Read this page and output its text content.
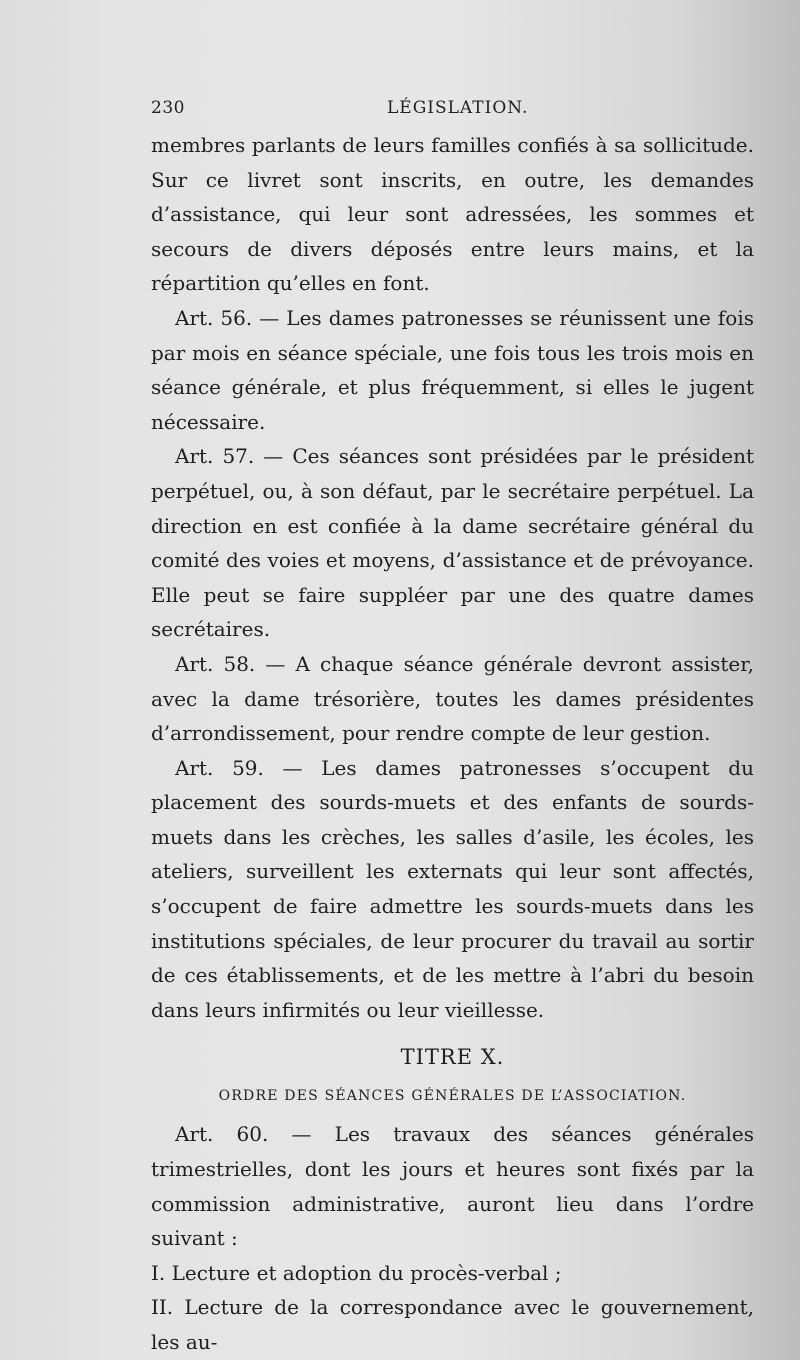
230	LÉGISLATION.

membres parlants de leurs familles confiés à sa sollicitude. Sur ce livret sont inscrits, en outre, les demandes d’assistance, qui leur sont adressées, les sommes et secours de divers déposés entre leurs mains, et la répartition qu’elles en font.

Art. 56. — Les dames patronesses se réunissent une fois par mois en séance spéciale, une fois tous les trois mois en séance générale, et plus fréquemment, si elles le jugent nécessaire.

Art. 57. — Ces séances sont présidées par le président perpétuel, ou, à son défaut, par le secrétaire perpétuel. La direction en est confiée à la dame secrétaire général du comité des voies et moyens, d’assistance et de prévoyance. Elle peut se faire suppléer par une des quatre dames secrétaires.

Art. 58. — A chaque séance générale devront assister, avec la dame trésorière, toutes les dames présidentes d’arrondissement, pour rendre compte de leur gestion.

Art. 59. — Les dames patronesses s’occupent du placement des sourds-muets et des enfants de sourds-muets dans les crèches, les salles d’asile, les écoles, les ateliers, surveillent les externats qui leur sont affectés, s’occupent de faire admettre les sourds-muets dans les institutions spéciales, de leur procurer du travail au sortir de ces établissements, et de les mettre à l’abri du besoin dans leurs infirmités ou leur vieillesse.

TITRE X.
ORDRE DES SÉANCES GÉNÉRALES DE L’ASSOCIATION.

Art. 60. — Les travaux des séances générales trimestrielles, dont les jours et heures sont fixés par la commission administrative, auront lieu dans l’ordre suivant :

I. Lecture et adoption du procès-verbal ;

II. Lecture de la correspondance avec le gouvernement, les au-
